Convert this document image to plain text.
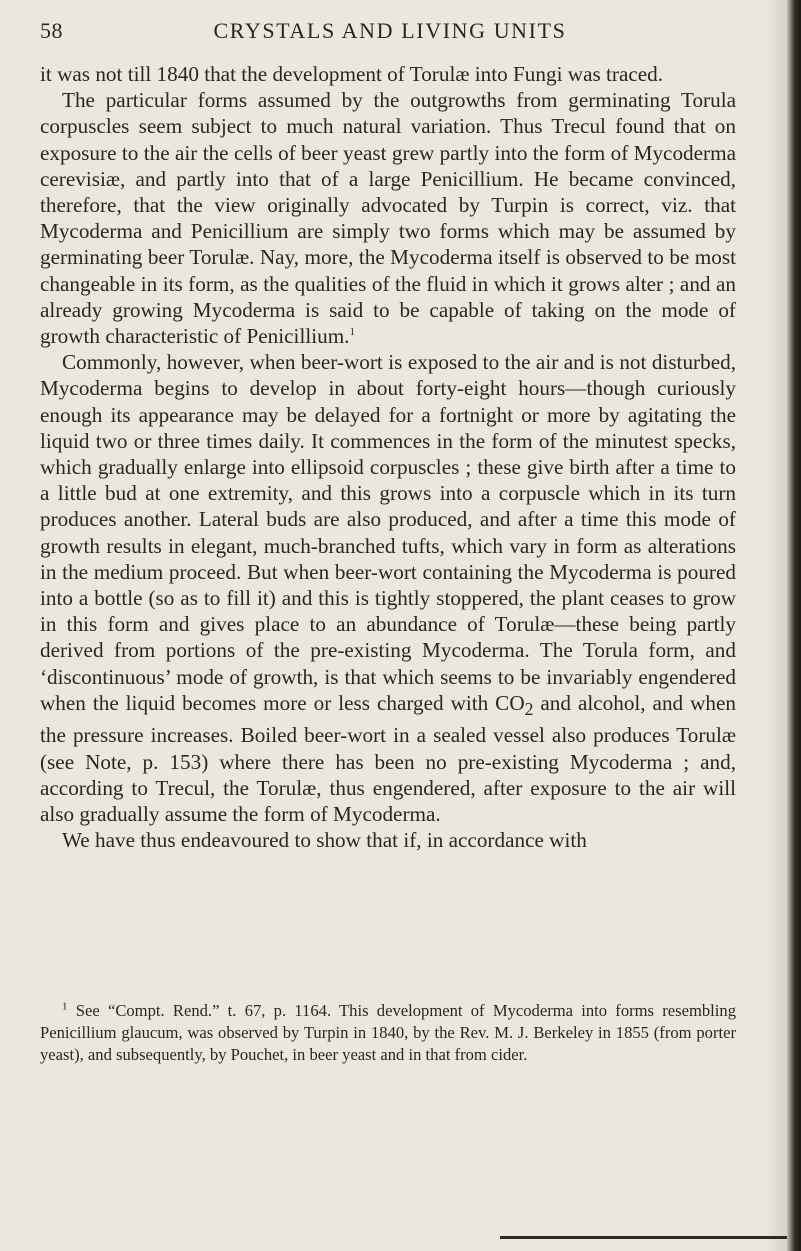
58	CRYSTALS AND LIVING UNITS

it was not till 1840 that the development of Torulæ into Fungi was traced.

The particular forms assumed by the outgrowths from germinating Torula corpuscles seem subject to much natural variation. Thus Trecul found that on exposure to the air the cells of beer yeast grew partly into the form of Mycoderma cerevisiæ, and partly into that of a large Penicillium. He became convinced, therefore, that the view originally advocated by Turpin is correct, viz. that Mycoderma and Penicillium are simply two forms which may be assumed by germinating beer Torulæ. Nay, more, the Mycoderma itself is observed to be most changeable in its form, as the qualities of the fluid in which it grows alter ; and an already growing Mycoderma is said to be capable of taking on the mode of growth characteristic of Penicillium.$^1$

Commonly, however, when beer-wort is exposed to the air and is not disturbed, Mycoderma begins to develop in about forty-eight hours—though curiously enough its appearance may be delayed for a fortnight or more by agitating the liquid two or three times daily. It commences in the form of the minutest specks, which gradually enlarge into ellipsoid corpuscles ; these give birth after a time to a little bud at one extremity, and this grows into a corpuscle which in its turn produces another. Lateral buds are also produced, and after a time this mode of growth results in elegant, much-branched tufts, which vary in form as alterations in the medium proceed. But when beer-wort containing the Mycoderma is poured into a bottle (so as to fill it) and this is tightly stoppered, the plant ceases to grow in this form and gives place to an abundance of Torulæ—these being partly derived from portions of the pre-existing Mycoderma. The Torula form, and ‘discontinuous’ mode of growth, is that which seems to be invariably engendered when the liquid becomes more or less charged with $CO_2$ and alcohol, and when the pressure increases. Boiled beer-wort in a sealed vessel also produces Torulæ (see Note, p. 153) where there has been no pre-existing Mycoderma ; and, according to Trecul, the Torulæ, thus engendered, after exposure to the air will also gradually assume the form of Mycoderma.

We have thus endeavoured to show that if, in accordance with

$^1$ See “Compt. Rend.” t. 67, p. 1164. This development of Mycoderma into forms resembling Penicillium glaucum, was observed by Turpin in 1840, by the Rev. M. J. Berkeley in 1855 (from porter yeast), and subsequently, by Pouchet, in beer yeast and in that from cider.
